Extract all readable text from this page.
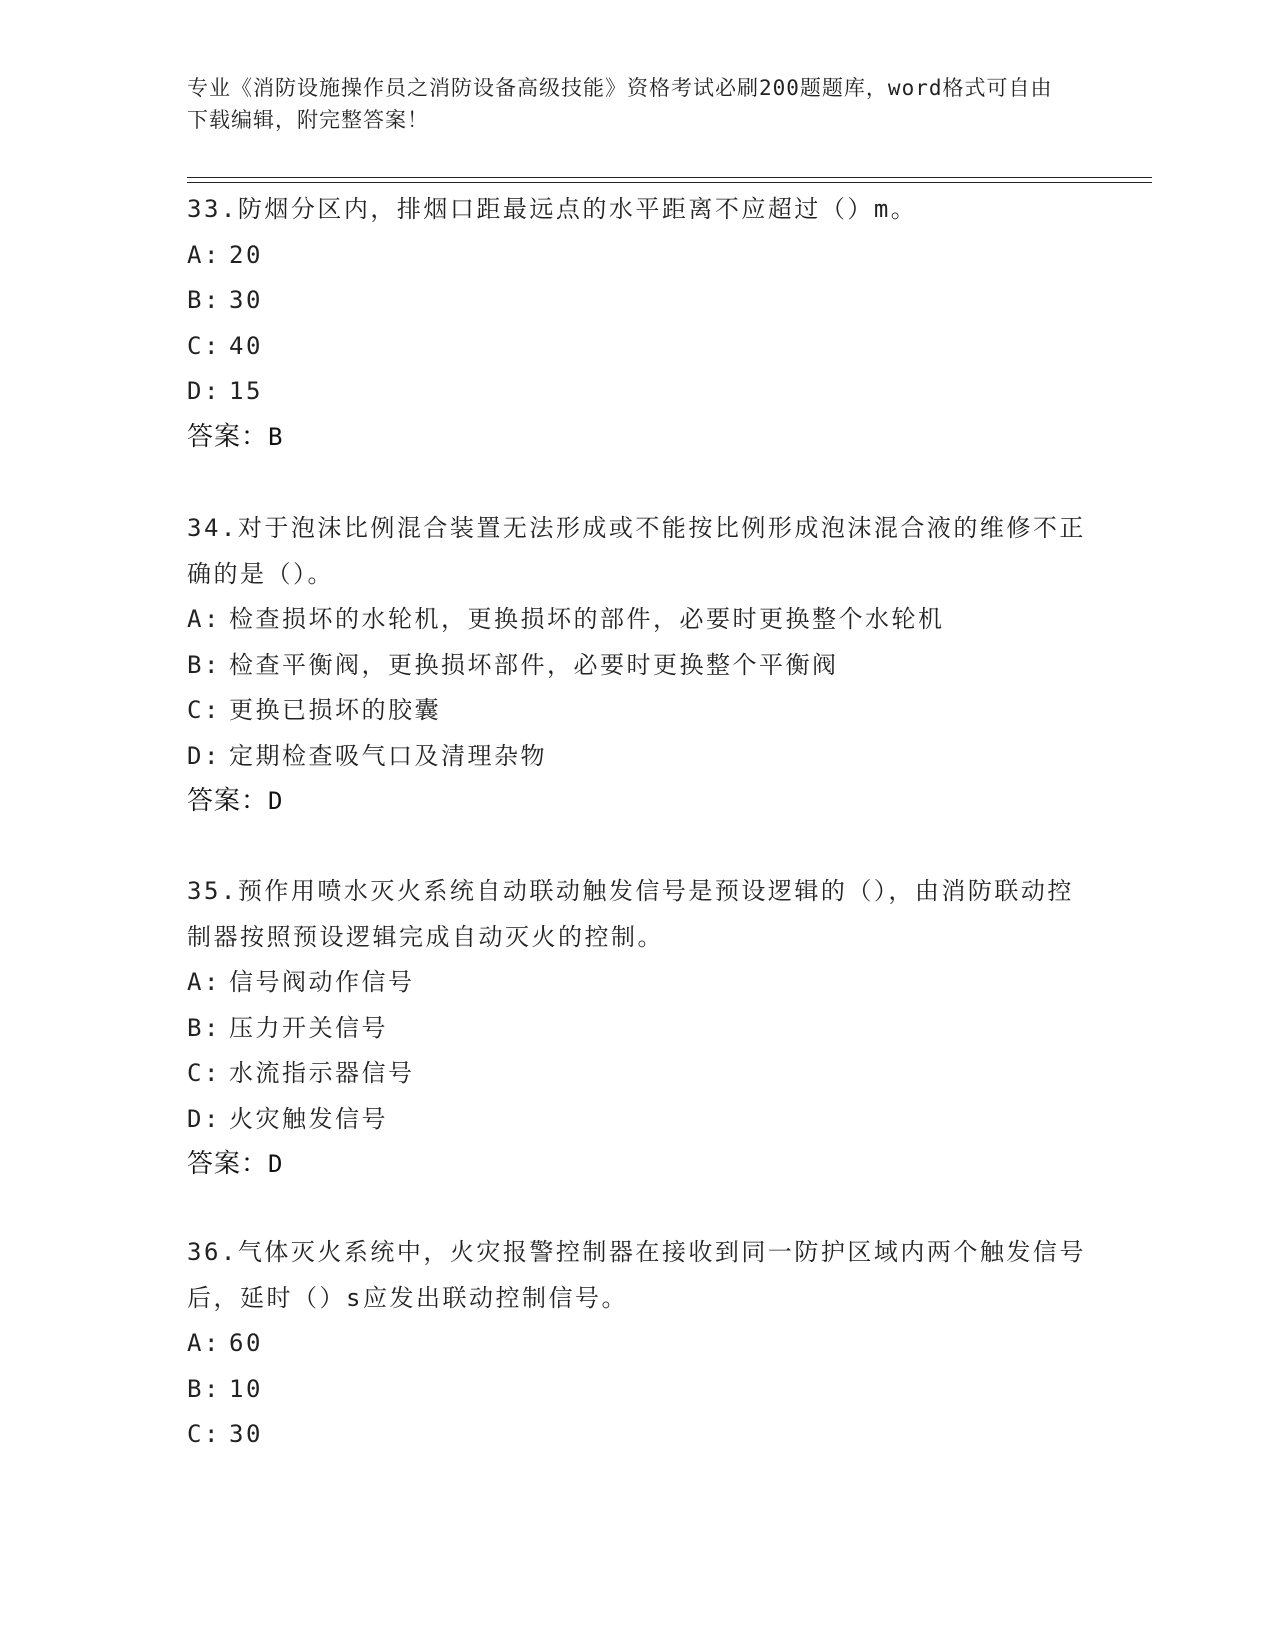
专业《消防设施操作员之消防设备高级技能》资格考试必刷200题题库，word格式可自由下载编辑，附完整答案！

33.防烟分区内，排烟口距最远点的水平距离不应超过（）m。

A: 20

B: 30

C: 40

D: 15

答案：B

34.对于泡沫比例混合装置无法形成或不能按比例形成泡沫混合液的维修不正确的是（）。

A: 检查损坏的水轮机，更换损坏的部件，必要时更换整个水轮机

B: 检查平衡阀，更换损坏部件，必要时更换整个平衡阀

C: 更换已损坏的胶囊

D: 定期检查吸气口及清理杂物

答案：D

35.预作用喷水灭火系统自动联动触发信号是预设逻辑的（），由消防联动控制器按照预设逻辑完成自动灭火的控制。

A: 信号阀动作信号

B: 压力开关信号

C: 水流指示器信号

D: 火灾触发信号

答案：D

36.气体灭火系统中，火灾报警控制器在接收到同一防护区域内两个触发信号后，延时（）s应发出联动控制信号。

A: 60

B: 10

C: 30
